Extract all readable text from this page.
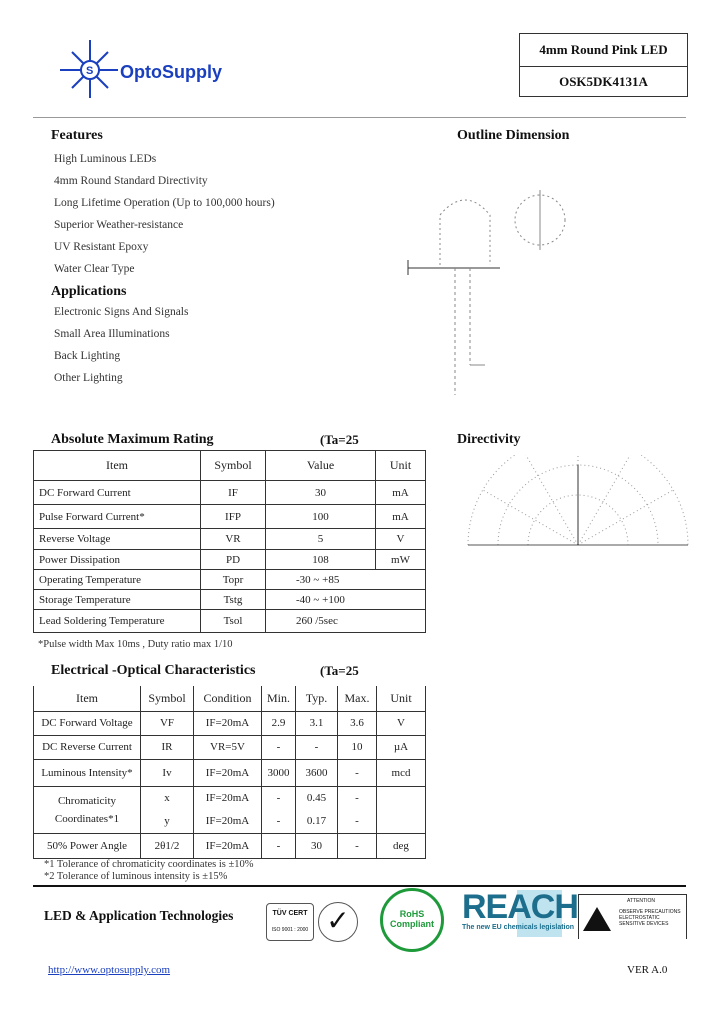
S OptoSupply
4mm Round Pink LED
OSK5DK4131A
Features
High Luminous LEDs
4mm Round Standard Directivity
Long Lifetime Operation (Up to 100,000 hours)
Superior Weather-resistance
UV Resistant Epoxy
Water Clear Type
Applications
Electronic Signs And Signals
Small Area Illuminations
Back Lighting
Other Lighting
Outline Dimension
Absolute Maximum Rating	(Ta=25
Item	Symbol	Value	Unit
DC Forward Current	IF	30	mA
Pulse Forward Current*	IFP	100	mA
Reverse Voltage	VR	5	V
Power Dissipation	PD	108	mW
Operating Temperature	Topr	-30 ~ +85	
Storage Temperature	Tstg	-40 ~ +100	
Lead Soldering Temperature	Tsol	260 /5sec	
*Pulse width Max 10ms , Duty ratio max 1/10
Directivity
Electrical -Optical Characteristics	(Ta=25
Item	Symbol	Condition	Min.	Typ.	Max.	Unit
DC Forward Voltage	VF	IF=20mA	2.9	3.1	3.6	V
DC Reverse Current	IR	VR=5V	-	-	10	µA
Luminous Intensity*	Iv	IF=20mA	3000	3600	-	mcd
Chromaticity Coordinates*1	x	IF=20mA	-	0.45	-	
	y	IF=20mA	-	0.17	-	
50% Power Angle	2θ1/2	IF=20mA	-	30	-	deg
*1 Tolerance of chromaticity coordinates is ±10%
*2 Tolerance of luminous intensity is ±15%
LED & Application Technologies	TÜV CERT
ISO 9001 : 2000 ✓	RoHS Compliant REACH
The new EU chemicals legislation
ATTENTION
OBSERVE PRECAUTIONS ELECTROSTATIC SENSITIVE DEVICES
http://www.optosupply.com	VER A.0
